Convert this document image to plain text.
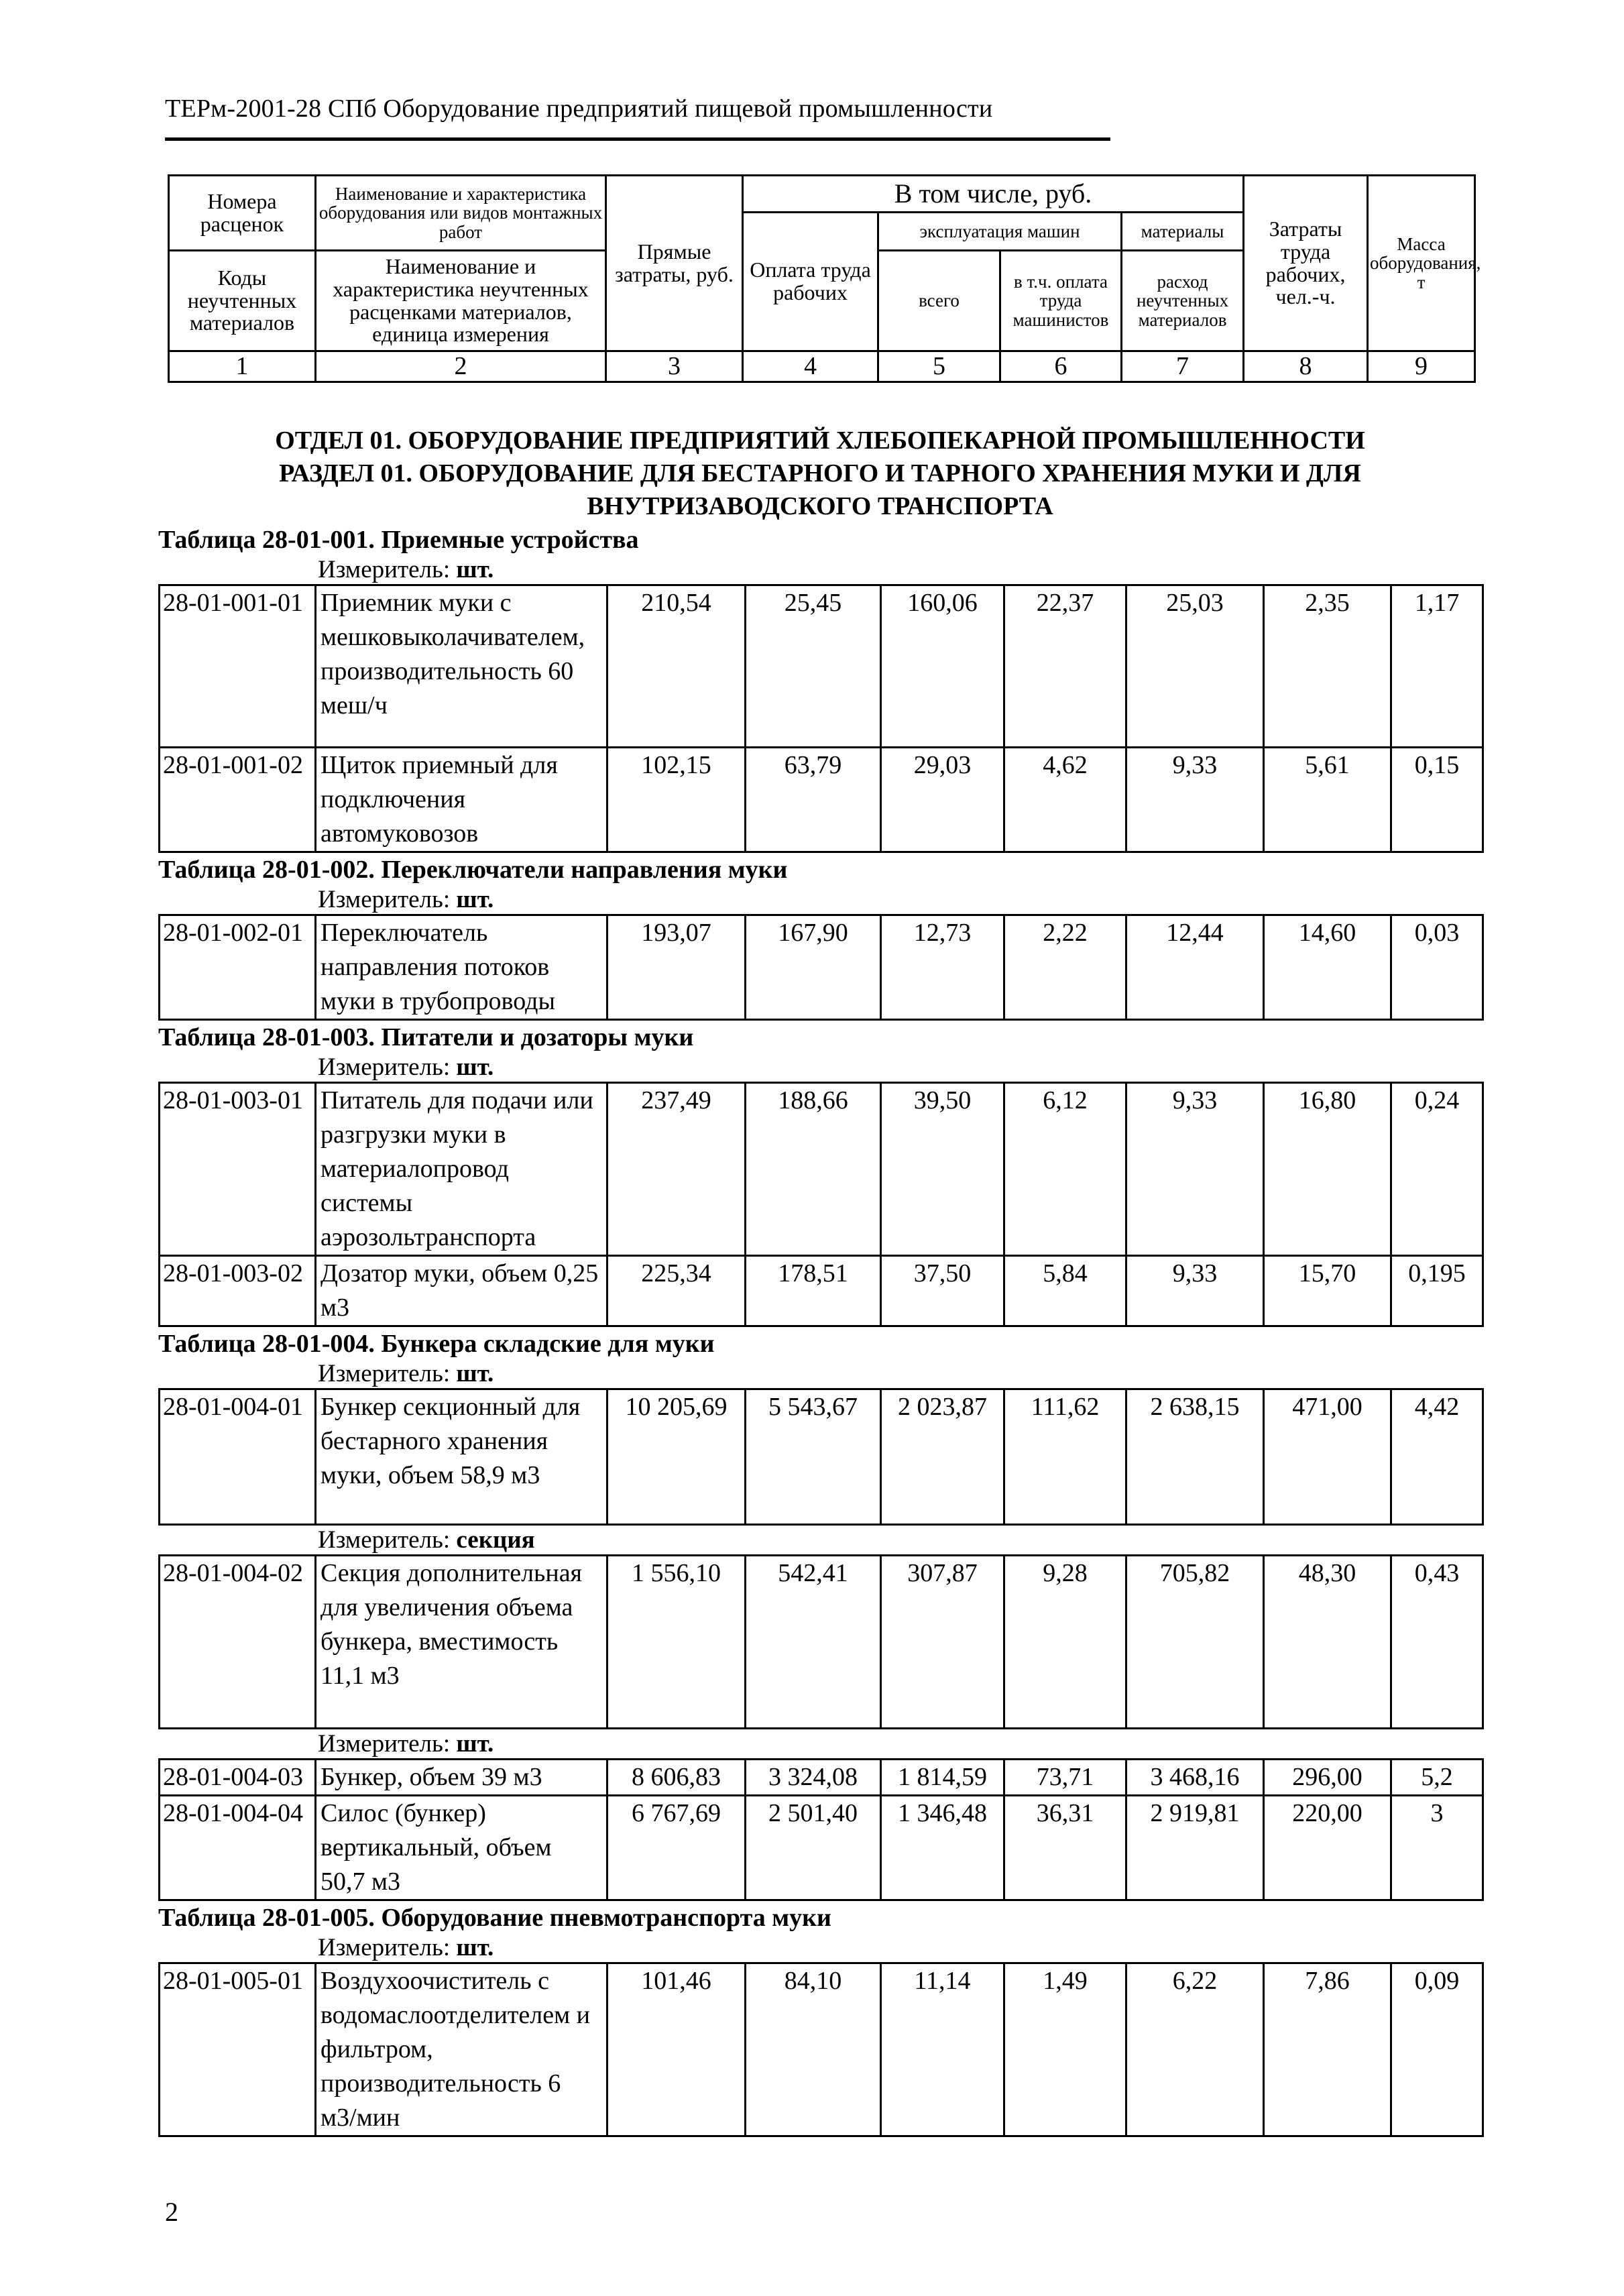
ТЕРм-2001-28 СПб Оборудование предприятий пищевой промышленности
Номера расценок	Наименование и характеристика оборудования или видов монтажных работ	Прямые затраты, руб.	В том числе, руб.				Затраты труда рабочих, чел.-ч.	Масса оборудования, т
			Оплата труда рабочих	эксплуатация машин		материалы		
Коды неучтенных материалов	Наименование и характеристика неучтенных расценками материалов, единица измерения			всего	в т.ч. оплата труда машинистов	расход неучтенных материалов		

1	2	3	4	5	6	7	8	9
ОТДЕЛ 01. ОБОРУДОВАНИЕ ПРЕДПРИЯТИЙ ХЛЕБОПЕКАРНОЙ ПРОМЫШЛЕННОСТИ
РАЗДЕЛ 01. ОБОРУДОВАНИЕ ДЛЯ БЕСТАРНОГО И ТАРНОГО ХРАНЕНИЯ МУКИ И ДЛЯ
ВНУТРИЗАВОДСКОГО ТРАНСПОРТА
Таблица 28-01-001. Приемные устройства
Измеритель: шт.
28-01-001-01	Приемник муки с мешковыколачивателем, производительность 60 меш/ч	210,54	25,45	160,06	22,37	25,03	2,35	1,17
28-01-001-02	Щиток приемный для подключения автомуковозов	102,15	63,79	29,03	4,62	9,33	5,61	0,15
Таблица 28-01-002. Переключатели направления муки
Измеритель: шт.
28-01-002-01	Переключатель направления потоков муки в трубопроводы	193,07	167,90	12,73	2,22	12,44	14,60	0,03
Таблица 28-01-003. Питатели и дозаторы муки
Измеритель: шт.
28-01-003-01	Питатель для подачи или разгрузки муки в материалопровод системы аэрозольтранспорта	237,49	188,66	39,50	6,12	9,33	16,80	0,24
28-01-003-02	Дозатор муки, объем 0,25 м3	225,34	178,51	37,50	5,84	9,33	15,70	0,195
Таблица 28-01-004. Бункера складские для муки
Измеритель: шт.
28-01-004-01	Бункер секционный для бестарного хранения муки, объем 58,9 м3	10 205,69	5 543,67	2 023,87	111,62	2 638,15	471,00	4,42
Измеритель: секция
28-01-004-02	Секция дополнительная для увеличения объема бункера, вместимость 11,1 м3	1 556,10	542,41	307,87	9,28	705,82	48,30	0,43
Измеритель: шт.
28-01-004-03	Бункер, объем 39 м3	8 606,83	3 324,08	1 814,59	73,71	3 468,16	296,00	5,2
28-01-004-04	Силос (бункер) вертикальный, объем 50,7 м3	6 767,69	2 501,40	1 346,48	36,31	2 919,81	220,00	3
Таблица 28-01-005. Оборудование пневмотранспорта муки
Измеритель: шт.
28-01-005-01	Воздухоочиститель с водомаслоотделителем и фильтром, производительность 6 м3/мин	101,46	84,10	11,14	1,49	6,22	7,86	0,09
2
